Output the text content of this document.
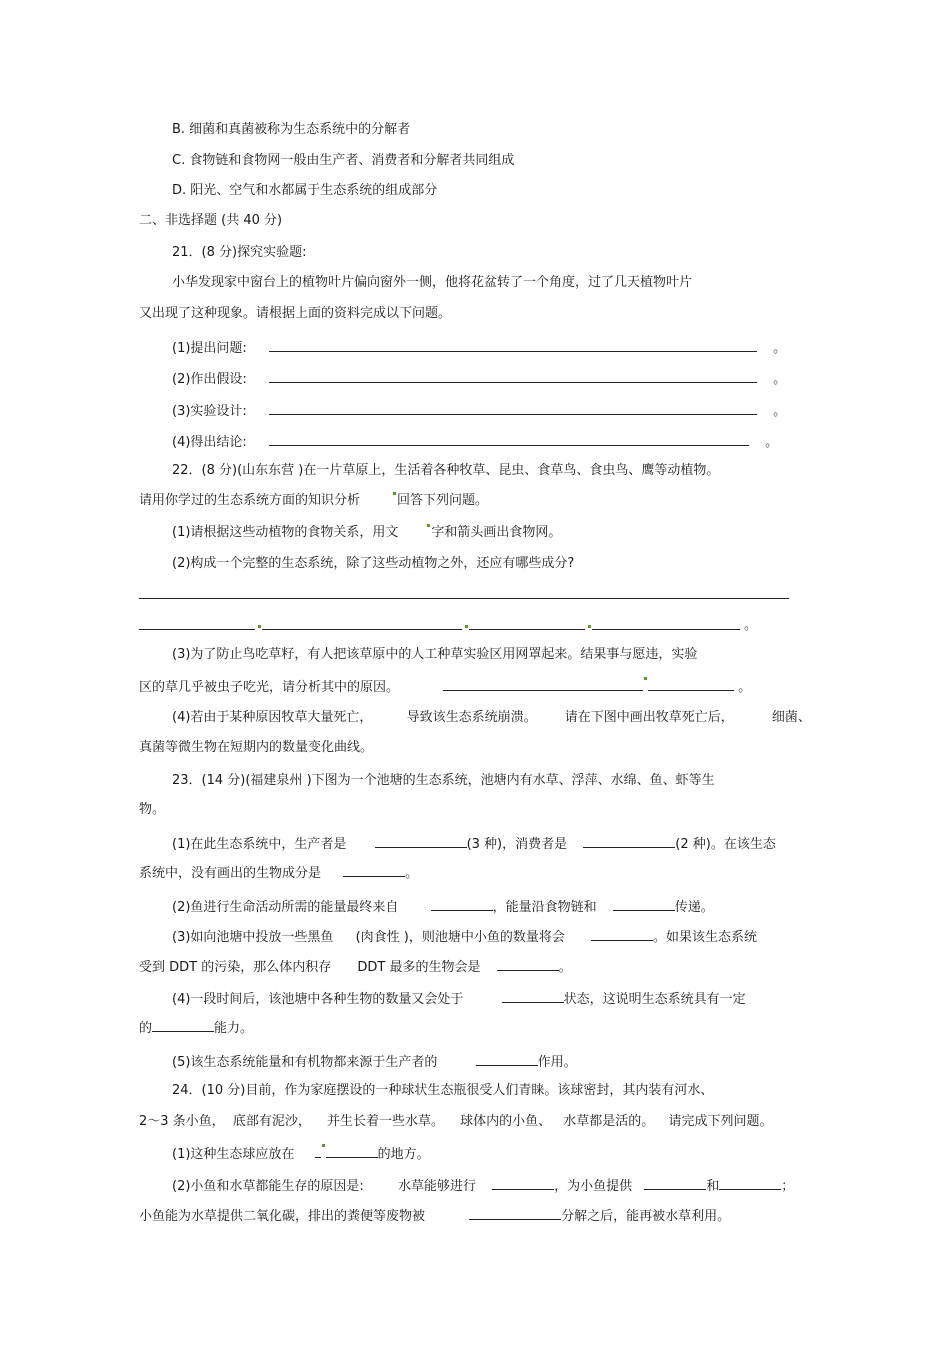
B. 细菌和真菌被称为生态系统中的分解者
C. 食物链和食物网一般由生产者、消费者和分解者共同组成
D. 阳光、空气和水都属于生态系统的组成部分
二、非选择题 (共 40 分)
21．(8 分)探究实验题:
小华发现家中窗台上的植物叶片偏向窗外一侧，他将花盆转了一个角度，过了几天植物叶片
又出现了这种现象。请根据上面的资料完成以下问题。
(1)提出问题:	。
(2)作出假设:	。
(3)实验设计:	。
(4)得出结论:	。
22．(8 分)(山东东营 )在一片草原上，生活着各种牧草、昆虫、食草鸟、食虫鸟、鹰等动植物。
请用你学过的生态系统方面的知识分析	回答下列问题。
(1)请根据这些动植物的食物关系，用文	字和箭头画出食物网。
(2)构成一个完整的生态系统，除了这些动植物之外，还应有哪些成分?
。
(3)为了防止鸟吃草籽，有人把该草原中的人工种草实验区用网罩起来。结果事与愿违，实验
区的草几乎被虫子吃光，请分析其中的原因。	。
(4)若由于某种原因牧草大量死亡，	导致该生态系统崩溃。 请在下图中画出牧草死亡后，	细菌、
真菌等微生物在短期内的数量变化曲线。
23．(14 分)(福建泉州 )下图为一个池塘的生态系统，池塘内有水草、浮萍、水绵、鱼、虾等生
物。
(1)在此生态系统中，生产者是	(3 种)，消费者是	(2 种)。在该生态
系统中，没有画出的生物成分是	。
(2)鱼进行生命活动所需的能量最终来自	，能量沿食物链和	传递。
(3)如向池塘中投放一些黑鱼 (肉食性 )，则池塘中小鱼的数量将会	。如果该生态系统
受到 DDT 的污染，那么体内积存 DDT 最多的生物会是	。
(4)一段时间后，该池塘中各种生物的数量又会处于	状态，这说明生态系统具有一定
的	能力。
(5)该生态系统能量和有机物都来源于生产者的	作用。
24．(10 分)目前，作为家庭摆设的一种球状生态瓶很受人们青睐。该球密封，其内装有河水、
2～3 条小鱼， 底部有泥沙， 并生长着一些水草。 球体内的小鱼、 水草都是活的。 请完成下列问题。
(1)这种生态球应放在	的地方。
(2)小鱼和水草都能生存的原因是:	水草能够进行	，为小鱼提供	和	；
小鱼能为水草提供二氧化碳，排出的粪便等废物被	分解之后，能再被水草利用。
